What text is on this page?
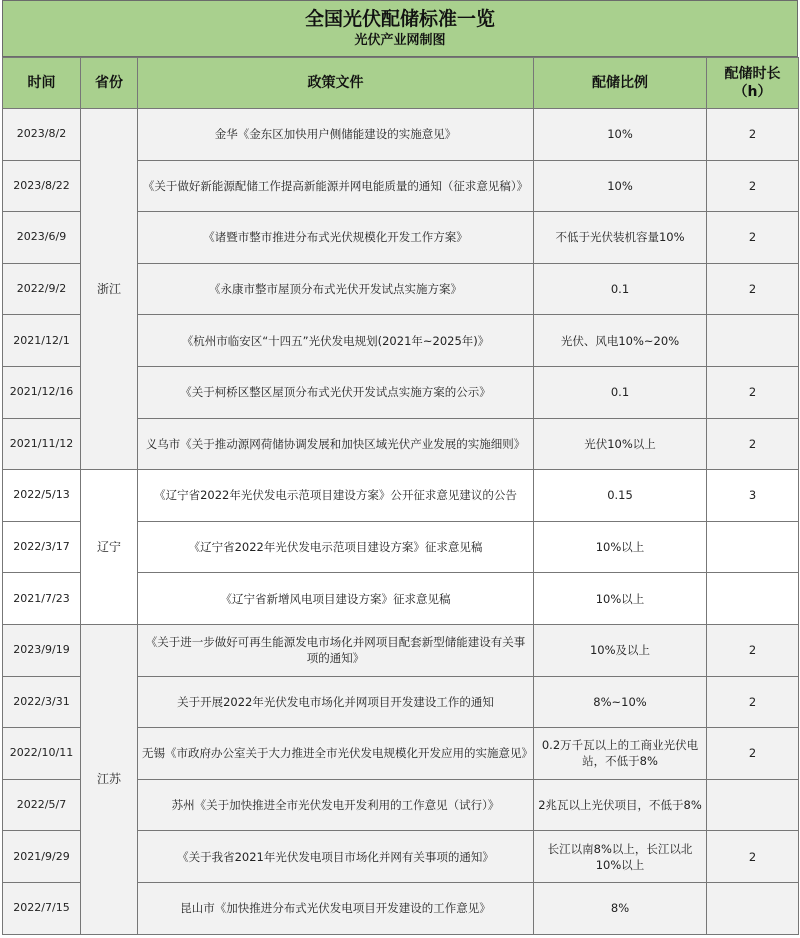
全国光伏配储标准一览
光伏产业网制图
时间	省份	政策文件	配储比例	配储时长
（h）
2023/8/2	浙江	金华《金东区加快用户侧储能建设的实施意见》	10%	2
2023/8/22		《关于做好新能源配储工作提高新能源并网电能质量的通知（征求意见稿）》	10%	2
2023/6/9		《诸暨市整市推进分布式光伏规模化开发工作方案》	不低于光伏装机容量10%	2
2022/9/2		《永康市整市屋顶分布式光伏开发试点实施方案》	0.1	2
2021/12/1		《杭州市临安区“十四五”光伏发电规划(2021年~2025年)》	光伏、风电10%~20%	
2021/12/16		《关于柯桥区整区屋顶分布式光伏开发试点实施方案的公示》	0.1	2
2021/11/12		义乌市《关于推动源网荷储协调发展和加快区域光伏产业发展的实施细则》	光伏10%以上	2
2022/5/13	辽宁	《辽宁省2022年光伏发电示范项目建设方案》公开征求意见建议的公告	0.15	3
2022/3/17		《辽宁省2022年光伏发电示范项目建设方案》征求意见稿	10%以上	
2021/7/23		《辽宁省新增风电项目建设方案》征求意见稿	10%以上	
2023/9/19	江苏	《关于进一步做好可再生能源发电市场化并网项目配套新型储能建设有关事项的通知》	10%及以上	2
2022/3/31		关于开展2022年光伏发电市场化并网项目开发建设工作的通知	8%~10%	2
2022/10/11		无锡《市政府办公室关于大力推进全市光伏发电规模化开发应用的实施意见》	0.2万千瓦以上的工商业光伏电站，不低于8%	2
2022/5/7		苏州《关于加快推进全市光伏发电开发利用的工作意见（试行）》	2兆瓦以上光伏项目，不低于8%	
2021/9/29		《关于我省2021年光伏发电项目市场化并网有关事项的通知》	长江以南8%以上，长江以北10%以上	2
2022/7/15		昆山市《加快推进分布式光伏发电项目开发建设的工作意见》	8%	
